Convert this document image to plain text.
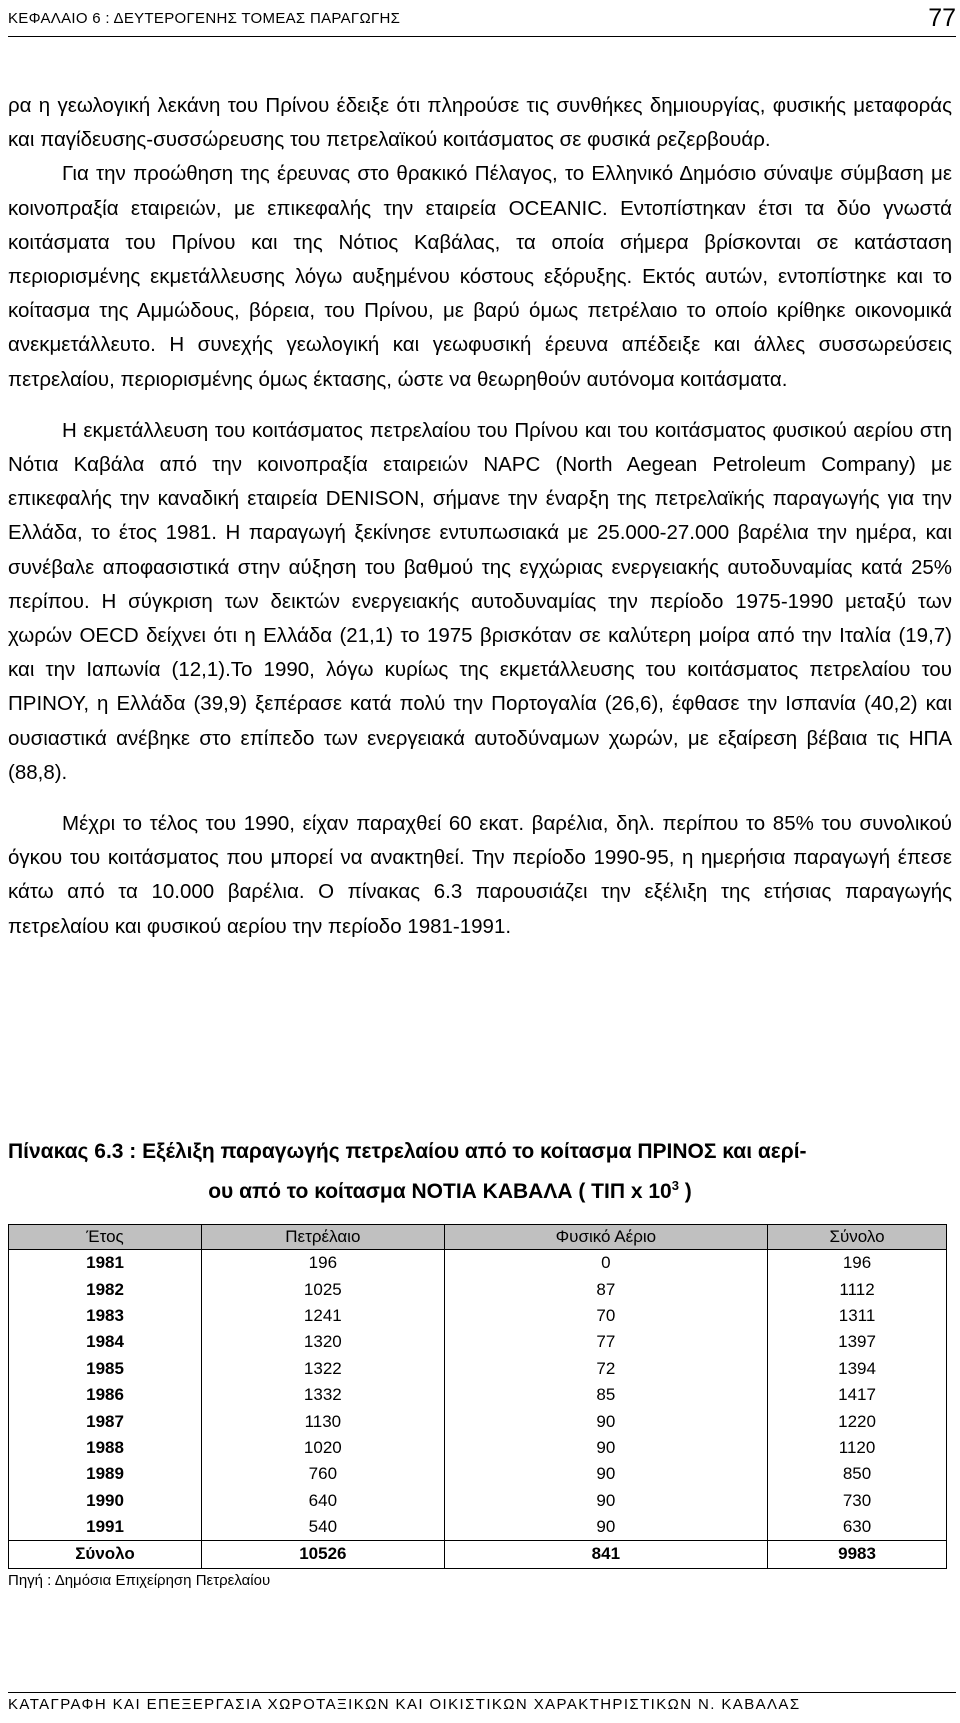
ΚΕΦΑΛΑΙΟ 6 : ΔΕΥΤΕΡΟΓΕΝΗΣ ΤΟΜΕΑΣ ΠΑΡΑΓΩΓΗΣ	77

ρα η γεωλογική λεκάνη του Πρίνου έδειξε ότι πληρούσε τις συνθήκες δημιουργίας, φυσικής μεταφοράς και παγίδευσης-συσσώρευσης του πετρελαϊκού κοιτάσματος σε φυσικά ρεζερβουάρ.

Για την προώθηση της έρευνας στο θρακικό Πέλαγος, το Ελληνικό Δημόσιο σύναψε σύμβαση με κοινοπραξία εταιρειών, με επικεφαλής την εταιρεία OCEANIC. Εντοπίστηκαν έτσι τα δύο γνωστά κοιτάσματα του Πρίνου και της Νότιος Καβάλας, τα οποία σήμερα βρίσκονται σε κατάσταση περιορισμένης εκμετάλλευσης λόγω αυξημένου κόστους εξόρυξης. Εκτός αυτών, εντοπίστηκε και το κοίτασμα της Αμμώδους, βόρεια, του Πρίνου, με βαρύ όμως πετρέλαιο το οποίο κρίθηκε οικονομικά ανεκμετάλλευτο. Η συνεχής γεωλογική και γεωφυσική έρευνα απέδειξε και άλλες συσσωρεύσεις πετρελαίου, περιορισμένης όμως έκτασης, ώστε να θεωρηθούν αυτόνομα κοιτάσματα.

Η εκμετάλλευση του κοιτάσματος πετρελαίου του Πρίνου και του κοιτάσματος φυσικού αερίου στη Νότια Καβάλα από την κοινοπραξία εταιρειών NAPC (North Aegean Petroleum Company) με επικεφαλής την καναδική εταιρεία DENISON, σήμανε την έναρξη της πετρελαϊκής παραγωγής για την Ελλάδα, το έτος 1981. Η παραγωγή ξεκίνησε εντυπωσιακά με 25.000-27.000 βαρέλια την ημέρα, και συνέβαλε αποφασιστικά στην αύξηση του βαθμού της εγχώριας ενεργειακής αυτοδυναμίας κατά 25% περίπου. Η σύγκριση των δεικτών ενεργειακής αυτοδυναμίας την περίοδο 1975-1990 μεταξύ των χωρών OECD δείχνει ότι η Ελλάδα (21,1) το 1975 βρισκόταν σε καλύτερη μοίρα από την Ιταλία (19,7) και την Ιαπωνία (12,1).Το 1990, λόγω κυρίως της εκμετάλλευσης του κοιτάσματος πετρελαίου του ΠΡΙΝΟΥ, η Ελλάδα (39,9) ξεπέρασε κατά πολύ την Πορτογαλία (26,6), έφθασε την Ισπανία (40,2) και ουσιαστικά ανέβηκε στο επίπεδο των ενεργειακά αυτοδύναμων χωρών, με εξαίρεση βέβαια τις ΗΠΑ (88,8).

Μέχρι το τέλος του 1990, είχαν παραχθεί 60 εκατ. βαρέλια, δηλ. περίπου το 85% του συνολικού όγκου του κοιτάσματος που μπορεί να ανακτηθεί. Την περίοδο 1990-95, η ημερήσια παραγωγή έπεσε κάτω από τα 10.000 βαρέλια. Ο πίνακας 6.3 παρουσιάζει την εξέλιξη της ετήσιας παραγωγής πετρελαίου και φυσικού αερίου την περίοδο 1981-1991.

Πίνακας 6.3 : Εξέλιξη παραγωγής πετρελαίου από το κοίτασμα ΠΡΙΝΟΣ και αερί-
ου από το κοίτασμα ΝΟΤΙΑ ΚΑΒΑΛΑ ( ΤΙΠ x $10^3$ )
Έτος	Πετρέλαιο	Φυσικό Αέριο	Σύνολο
1981	196	0	196
1982	1025	87	1112
1983	1241	70	1311
1984	1320	77	1397
1985	1322	72	1394
1986	1332	85	1417
1987	1130	90	1220
1988	1020	90	1120
1989	760	90	850
1990	640	90	730
1991	540	90	630
Σύνολο	10526	841	9983
Πηγή : Δημόσια Επιχείρηση Πετρελαίου
ΚΑΤΑΓΡΑΦΗ ΚΑΙ ΕΠΕΞΕΡΓΑΣΙΑ ΧΩΡΟΤΑΞΙΚΩΝ ΚΑΙ ΟΙΚΙΣΤΙΚΩΝ ΧΑΡΑΚΤΗΡΙΣΤΙΚΩΝ Ν. ΚΑΒΑΛΑΣ
